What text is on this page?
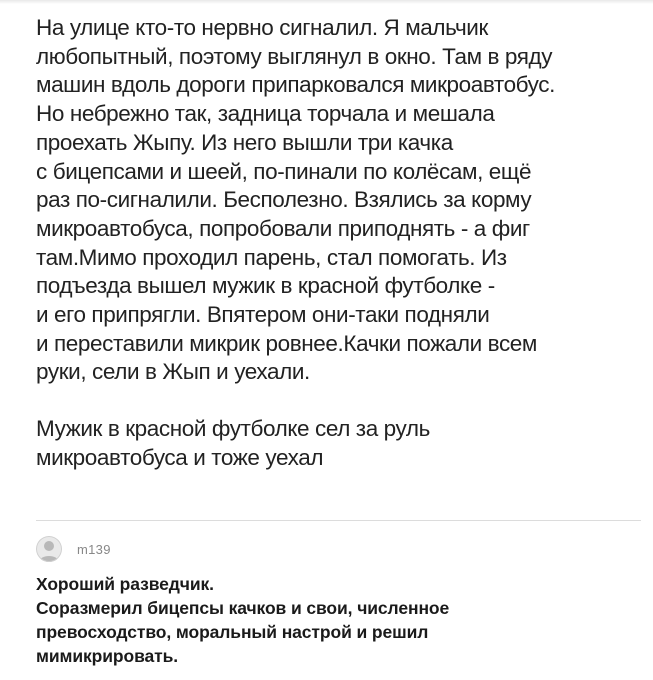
На улице кто-то нервно сигналил. Я мальчик
любопытный, поэтому выглянул в окно. Там в ряду
машин вдоль дороги припарковался микроавтобус.
Но небрежно так, задница торчала и мешала
проехать Жыпу. Из него вышли три качка
с бицепсами и шеей, по-пинали по колёсам, ещё
раз по-сигналили. Бесполезно. Взялись за корму
микроавтобуса, попробовали приподнять - а фиг
там.Мимо проходил парень, стал помогать. Из
подъезда вышел мужик в красной футболке -
и его припрягли. Впятером они-таки подняли
и переставили микрик ровнее.Качки пожали всем
руки, сели в Жып и уехали.
Мужик в красной футболке сел за руль
микроавтобуса и тоже уехал
m139
Хороший разведчик.
Соразмерил бицепсы качков и свои, численное
превосходство, моральный настрой и решил
мимикрировать.
